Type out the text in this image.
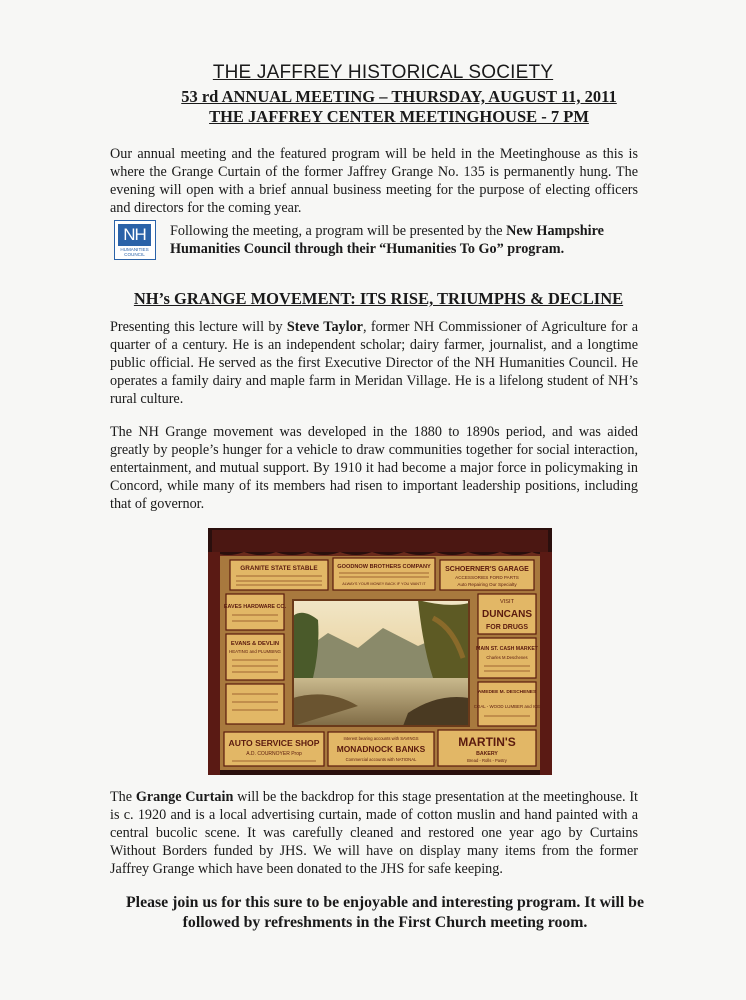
THE JAFFREY HISTORICAL SOCIETY
53 rd ANNUAL MEETING – THURSDAY, AUGUST 11, 2011
THE JAFFREY CENTER MEETINGHOUSE - 7 PM

Our annual meeting and the featured program will be held in the Meetinghouse as this is where the Grange Curtain of the former Jaffrey Grange No. 135 is permanently hung. The evening will open with a brief annual business meeting for the purpose of electing officers and directors for the coming year.

NH
HUMANITIES COUNCIL

Following the meeting, a program will be presented by the New Hampshire Humanities Council through their “Humanities To Go” program.

NH’s GRANGE MOVEMENT: ITS RISE, TRIUMPHS & DECLINE

Presenting this lecture will by Steve Taylor, former NH Commissioner of Agriculture for a quarter of a century. He is an independent scholar; dairy farmer, journalist, and a longtime public official. He served as the first Executive Director of the NH Humanities Council. He operates a family dairy and maple farm in Meridan Village. He is a lifelong student of NH’s rural culture.

The NH Grange movement was developed in the 1880 to 1890s period, and was aided greatly by people’s hunger for a vehicle to draw communities together for social interaction, entertainment, and mutual support. By 1910 it had become a major force in policymaking in Concord, while many of its members had risen to important leadership positions, including that of governor.

GRANITE STATE STABLE	GOODNOW BROTHERS COMPANY
ALWAYS YOUR MONEY BACK IF YOU WANT IT
SCHOERNER'S GARAGE
ACCESSORIES FORD PARTS
Auto Repairing Our Specialty
EAVES HARDWARE CO.
EVANS & DEVLIN
HEATING and PLUMBING
VISIT
DUNCANS
FOR DRUGS
MAIN ST. CASH MARKET
Charles M.Deschenes
AMEDEE M. DESCHENES
COAL - WOOD LUMBER and ICE
AUTO SERVICE SHOP
A.D. COURNOYER Prop
Interest bearing accounts with SAVINGS
MONADNOCK BANKS
Commercial accounts with NATIONAL
MARTIN'S
BAKERY
Bread - Rolls - Pastry

The Grange Curtain will be the backdrop for this stage presentation at the meetinghouse. It is c. 1920 and is a local advertising curtain, made of cotton muslin and hand painted with a central bucolic scene. It was carefully cleaned and restored one year ago by Curtains Without Borders funded by JHS. We will have on display many items from the former Jaffrey Grange which have been donated to the JHS for safe keeping.

Please join us for this sure to be enjoyable and interesting program. It will be followed by refreshments in the First Church meeting room.
